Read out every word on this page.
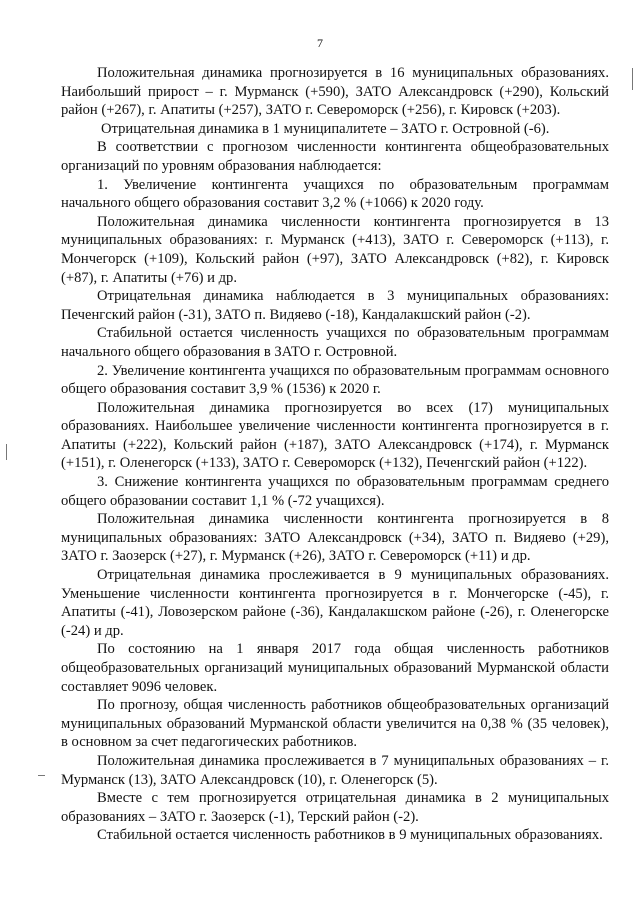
7

Положительная динамика прогнозируется в 16 муниципальных образованиях. Наибольший прирост – г. Мурманск (+590), ЗАТО Александровск (+290), Кольский район (+267), г. Апатиты (+257), ЗАТО г. Североморск (+256), г. Кировск (+203).

Отрицательная динамика в 1 муниципалитете – ЗАТО г. Островной (-6).

В соответствии с прогнозом численности контингента общеобразовательных организаций по уровням образования наблюдается:

1. Увеличение контингента учащихся по образовательным программам начального общего образования составит 3,2 % (+1066) к 2020 году.

Положительная динамика численности контингента прогнозируется в 13 муниципальных образованиях: г. Мурманск (+413), ЗАТО г. Североморск (+113), г. Мончегорск (+109), Кольский район (+97), ЗАТО Александровск (+82), г. Кировск (+87), г. Апатиты (+76) и др.

Отрицательная динамика наблюдается в 3 муниципальных образованиях: Печенгский район (-31), ЗАТО п. Видяево (-18), Кандалакшский район (-2).

Стабильной остается численность учащихся по образовательным программам начального общего образования в ЗАТО г. Островной.

2. Увеличение контингента учащихся по образовательным программам основного общего образования составит 3,9 % (1536) к 2020 г.

Положительная динамика прогнозируется во всех (17) муниципальных образованиях. Наибольшее увеличение численности контингента прогнозируется в г. Апатиты (+222), Кольский район (+187), ЗАТО Александровск (+174), г. Мурманск (+151), г. Оленегорск (+133), ЗАТО г. Североморск (+132), Печенгский район (+122).

3. Снижение контингента учащихся по образовательным программам среднего общего образовании составит 1,1 % (-72 учащихся).

Положительная динамика численности контингента прогнозируется в 8 муниципальных образованиях: ЗАТО Александровск (+34), ЗАТО п. Видяево (+29), ЗАТО г. Заозерск (+27), г. Мурманск (+26), ЗАТО г. Североморск (+11) и др.

Отрицательная динамика прослеживается в 9 муниципальных образованиях. Уменьшение численности контингента прогнозируется в г. Мончегорске (-45), г. Апатиты (-41), Ловозерском районе (-36), Кандалакшском районе (-26), г. Оленегорске (-24) и др.

По состоянию на 1 января 2017 года общая численность работников общеобразовательных организаций муниципальных образований Мурманской области составляет 9096 человек.

По прогнозу, общая численность работников общеобразовательных организаций муниципальных образований Мурманской области увеличится на 0,38 % (35 человек), в основном за счет педагогических работников.

Положительная динамика прослеживается в 7 муниципальных образованиях – г. Мурманск (13), ЗАТО Александровск (10), г. Оленегорск (5).

Вместе с тем прогнозируется отрицательная динамика в 2 муниципальных образованиях – ЗАТО г. Заозерск (-1), Терский район (-2).

Стабильной остается численность работников в 9 муниципальных образованиях.
